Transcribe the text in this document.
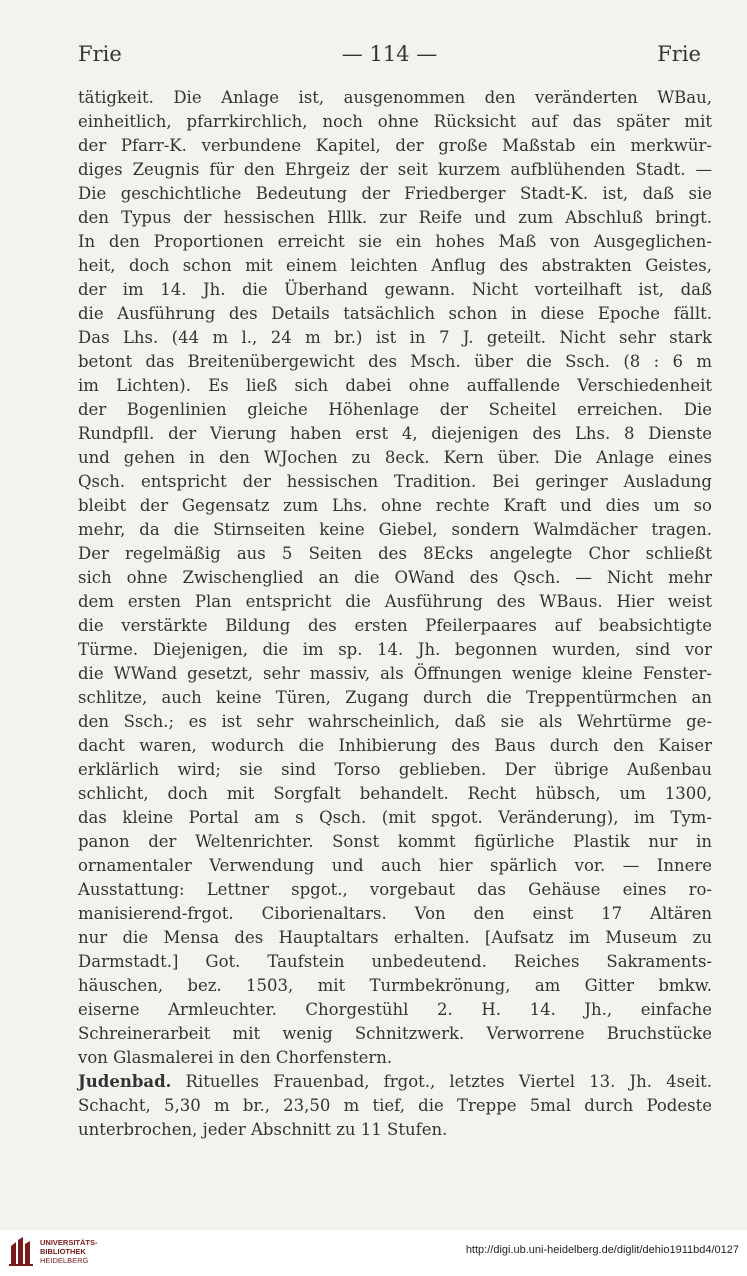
Frie	— 114 —	Frie
tätigkeit. Die Anlage ist, ausgenommen den veränderten WBau,
einheitlich, pfarrkirchlich, noch ohne Rücksicht auf das später mit
der Pfarr-K. verbundene Kapitel, der große Maßstab ein merkwür-
diges Zeugnis für den Ehrgeiz der seit kurzem aufblühenden Stadt. —
Die geschichtliche Bedeutung der Friedberger Stadt-K. ist, daß sie
den Typus der hessischen Hllk. zur Reife und zum Abschluß bringt.
In den Proportionen erreicht sie ein hohes Maß von Ausgeglichen-
heit, doch schon mit einem leichten Anflug des abstrakten Geistes,
der im 14. Jh. die Überhand gewann. Nicht vorteilhaft ist, daß
die Ausführung des Details tatsächlich schon in diese Epoche fällt.
Das Lhs. (44 m l., 24 m br.) ist in 7 J. geteilt. Nicht sehr stark
betont das Breitenübergewicht des Msch. über die Ssch. (8 : 6 m
im Lichten). Es ließ sich dabei ohne auffallende Verschiedenheit
der Bogenlinien gleiche Höhenlage der Scheitel erreichen. Die
Rundpfll. der Vierung haben erst 4, diejenigen des Lhs. 8 Dienste
und gehen in den WJochen zu 8eck. Kern über. Die Anlage eines
Qsch. entspricht der hessischen Tradition. Bei geringer Ausladung
bleibt der Gegensatz zum Lhs. ohne rechte Kraft und dies um so
mehr, da die Stirnseiten keine Giebel, sondern Walmdächer tragen.
Der regelmäßig aus 5 Seiten des 8Ecks angelegte Chor schließt
sich ohne Zwischenglied an die OWand des Qsch. — Nicht mehr
dem ersten Plan entspricht die Ausführung des WBaus. Hier weist
die verstärkte Bildung des ersten Pfeilerpaares auf beabsichtigte
Türme. Diejenigen, die im sp. 14. Jh. begonnen wurden, sind vor
die WWand gesetzt, sehr massiv, als Öffnungen wenige kleine Fenster-
schlitze, auch keine Türen, Zugang durch die Treppentürmchen an
den Ssch.; es ist sehr wahrscheinlich, daß sie als Wehrtürme ge-
dacht waren, wodurch die Inhibierung des Baus durch den Kaiser
erklärlich wird; sie sind Torso geblieben. Der übrige Außenbau
schlicht, doch mit Sorgfalt behandelt. Recht hübsch, um 1300,
das kleine Portal am s Qsch. (mit spgot. Veränderung), im Tym-
panon der Weltenrichter. Sonst kommt figürliche Plastik nur in
ornamentaler Verwendung und auch hier spärlich vor. — Innere
Ausstattung: Lettner spgot., vorgebaut das Gehäuse eines ro-
manisierend-frgot. Ciborienaltars. Von den einst 17 Altären
nur die Mensa des Hauptaltars erhalten. [Aufsatz im Museum zu
Darmstadt.] Got. Taufstein unbedeutend. Reiches Sakraments-
häuschen, bez. 1503, mit Turmbekrönung, am Gitter bmkw.
eiserne Armleuchter. Chorgestühl 2. H. 14. Jh., einfache
Schreinerarbeit mit wenig Schnitzwerk. Verworrene Bruchstücke
von Glasmalerei in den Chorfenstern.
Judenbad. Rituelles Frauenbad, frgot., letztes Viertel 13. Jh. 4seit.
Schacht, 5,30 m br., 23,50 m tief, die Treppe 5mal durch Podeste
unterbrochen, jeder Abschnitt zu 11 Stufen.
UNIVERSITÄTS-
BIBLIOTHEK
HEIDELBERG
http://digi.ub.uni-heidelberg.de/diglit/dehio1911bd4/0127
